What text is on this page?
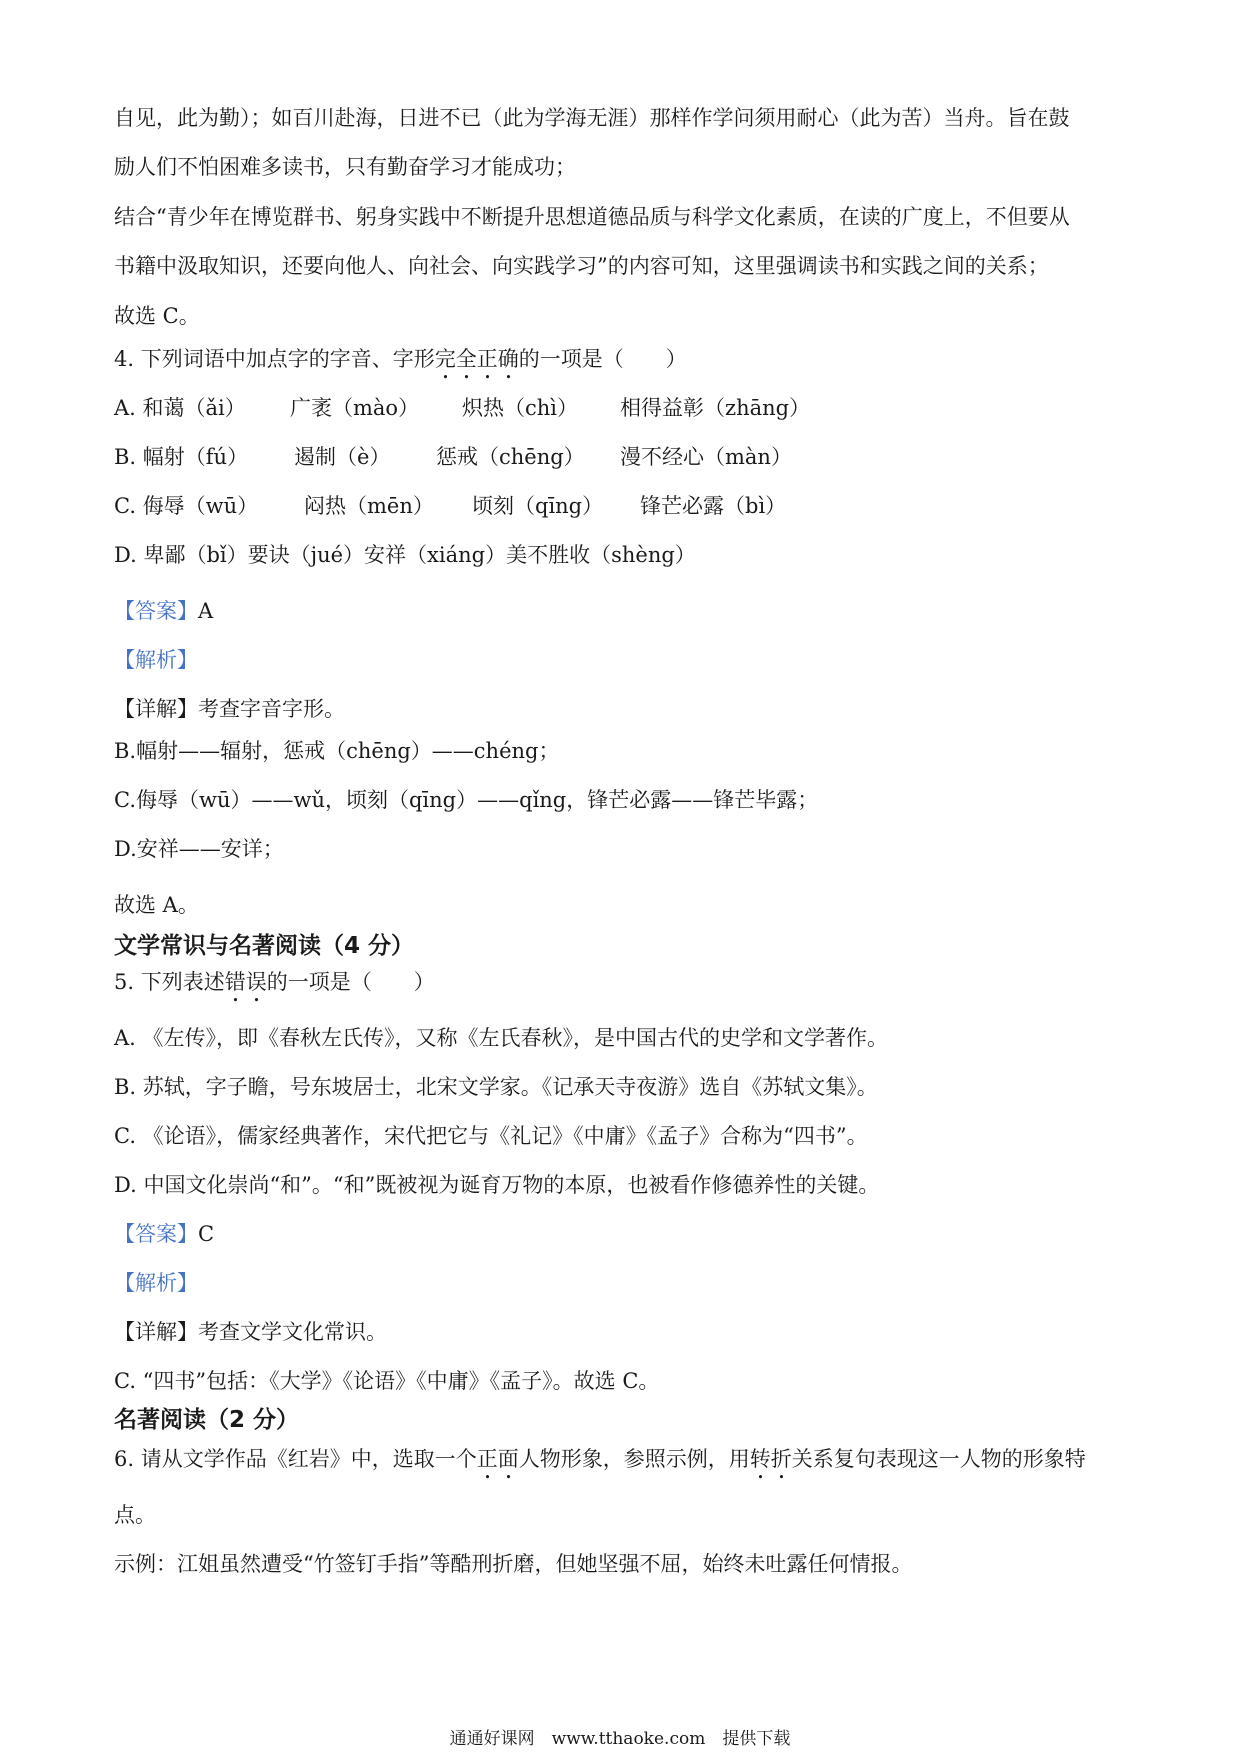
自见，此为勤）；如百川赴海，日进不已（此为学海无涯）那样作学问须用耐心（此为苦）当舟。旨在鼓
励人们不怕困难多读书，只有勤奋学习才能成功；
结合“青少年在博览群书、躬身实践中不断提升思想道德品质与科学文化素质，在读的广度上，不但要从
书籍中汲取知识，还要向他人、向社会、向实践学习”的内容可知，这里强调读书和实践之间的关系；
故选 C。
4. 下列词语中加点字的字音、字形完全正确的一项是（　　）
A. 和蔼（ǎi） 广袤（mào） 炽热（chì） 相得益彰（zhāng）
B. 幅射（fú） 遏制（è） 惩戒（chēng） 漫不经心（màn）
C. 侮辱（wū） 闷热（mēn） 顷刻（qīng） 锋芒必露（bì）
D. 卑鄙（bǐ）要诀（jué）安祥（xiáng）美不胜收（shèng）
【答案】A
【解析】
【详解】考查字音字形。
B.幅射——辐射，惩戒（chēng）——chéng；
C.侮辱（wū）——wǔ，顷刻（qīng）——qǐng，锋芒必露——锋芒毕露；
D.安祥——安详；
故选 A。
文学常识与名著阅读（4 分）
5. 下列表述错误的一项是（　　）
A. 《左传》，即《春秋左氏传》，又称《左氏春秋》，是中国古代的史学和文学著作。
B. 苏轼，字子瞻，号东坡居士，北宋文学家。《记承天寺夜游》选自《苏轼文集》。
C. 《论语》，儒家经典著作，宋代把它与《礼记》《中庸》《孟子》合称为“四书”。
D. 中国文化崇尚“和”。“和”既被视为诞育万物的本原，也被看作修德养性的关键。
【答案】C
【解析】
【详解】考查文学文化常识。
C. “四书”包括：《大学》《论语》《中庸》《孟子》。故选 C。
名著阅读（2 分）
6. 请从文学作品《红岩》中，选取一个正面人物形象，参照示例，用转折关系复句表现这一人物的形象特
点。
示例：江姐虽然遭受“竹签钉手指”等酷刑折磨，但她坚强不屈，始终未吐露任何情报。
通通好课网　www.tthaoke.com　提供下载
